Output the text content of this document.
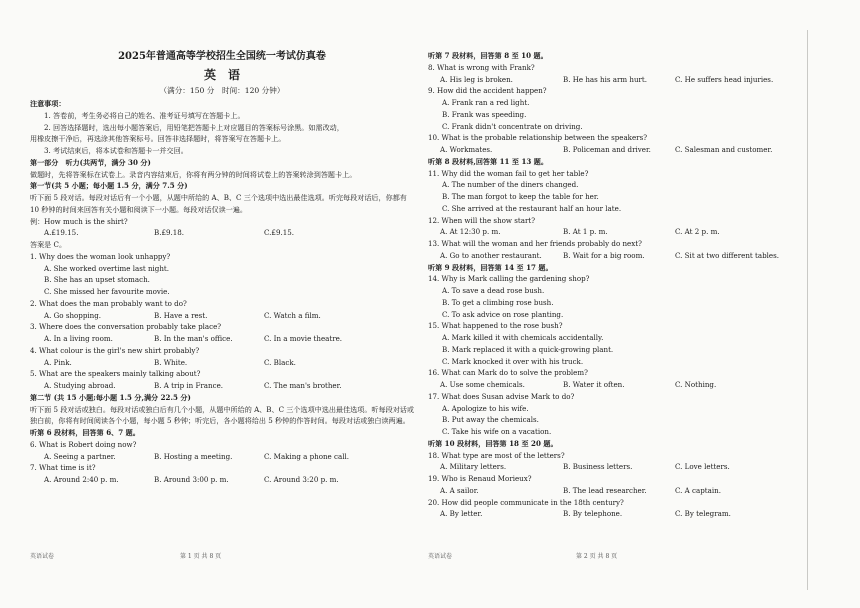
2025年普通高等学校招生全国统一考试仿真卷
英　语
（满分：150 分　时间：120 分钟）
注意事项：
1. 答卷前，考生务必将自己的姓名、准考证号填写在答题卡上。
2. 回答选择题时，选出每小题答案后，用铅笔把答题卡上对应题目的答案标号涂黑。如需改动，
用橡皮擦干净后，再选涂其他答案标号。回答非选择题时，将答案写在答题卡上。
3. 考试结束后，将本试卷和答题卡一并交回。
第一部分　听力(共两节，满分 30 分)
做题时，先将答案标在试卷上。录音内容结束后，你将有两分钟的时间将试卷上的答案转涂到答题卡上。
第一节(共 5 小题；每小题 1.5 分，满分 7.5 分)
听下面 5 段对话。每段对话后有一个小题，从题中所给的 A、B、C 三个选项中选出最佳选项。听完每段对话后，你都有 10 秒钟的时间来回答有关小题和阅读下一小题。每段对话仅读一遍。
例：How much is the shirt?
A.£19.15.	B.£9.18.	C.£9.15.
答案是 C。
1. Why does the woman look unhappy?
A. She worked overtime last night.
B. She has an upset stomach.
C. She missed her favourite movie.
2. What does the man probably want to do?
A. Go shopping.	B. Have a rest.	C. Watch a film.
3. Where does the conversation probably take place?
A. In a living room.	B. In the man's office.	C. In a movie theatre.
4. What colour is the girl's new shirt probably?
A. Pink.	B. White.	C. Black.
5. What are the speakers mainly talking about?
A. Studying abroad.	B. A trip in France.	C. The man's brother.
第二节 (共 15 小题;每小题 1.5 分,满分 22.5 分)
听下面 5 段对话或独白。每段对话或独白后有几个小题，从题中所给的 A、B、C 三个选项中选出最佳选项。听每段对话或独白前，你将有时间阅读各个小题，每小题 5 秒钟；听完后，各小题将给出 5 秒钟的作答时间。每段对话或独白读两遍。
听第 6 段材料，回答第 6、7 题。
6. What is Robert doing now?
A. Seeing a partner.	B. Hosting a meeting.	C. Making a phone call.
7. What time is it?
A. Around 2:40 p. m.	B. Around 3:00 p. m.	C. Around 3:20 p. m.
英语试卷	第 1 页 共 8 页
听第 7 段材料，回答第 8 至 10 题。
8. What is wrong with Frank?
A. His leg is broken.	B. He has his arm hurt.	C. He suffers head injuries.
9. How did the accident happen?
A. Frank ran a red light.
B. Frank was speeding.
C. Frank didn't concentrate on driving.
10. What is the probable relationship between the speakers?
A. Workmates.	B. Policeman and driver.	C. Salesman and customer.
听第 8 段材料,回答第 11 至 13 题。
11. Why did the woman fail to get her table?
A. The number of the diners changed.
B. The man forgot to keep the table for her.
C. She arrived at the restaurant half an hour late.
12. When will the show start?
A. At 12:30 p. m.	B. At 1 p. m.	C. At 2 p. m.
13. What will the woman and her friends probably do next?
A. Go to another restaurant.	B. Wait for a big room.	C. Sit at two different tables.
听第 9 段材料，回答第 14 至 17 题。
14. Why is Mark calling the gardening shop?
A. To save a dead rose bush.
B. To get a climbing rose bush.
C. To ask advice on rose planting.
15. What happened to the rose bush?
A. Mark killed it with chemicals accidentally.
B. Mark replaced it with a quick-growing plant.
C. Mark knocked it over with his truck.
16. What can Mark do to solve the problem?
A. Use some chemicals.	B. Water it often.	C. Nothing.
17. What does Susan advise Mark to do?
A. Apologize to his wife.
B. Put away the chemicals.
C. Take his wife on a vacation.
听第 10 段材料，回答第 18 至 20 题。
18. What type are most of the letters?
A. Military letters.	B. Business letters.	C. Love letters.
19. Who is Renaud Morieux?
A. A sailor.	B. The lead researcher.	C. A captain.
20. How did people communicate in the 18th century?
A. By letter.	B. By telephone.	C. By telegram.
英语试卷	第 2 页 共 8 页
